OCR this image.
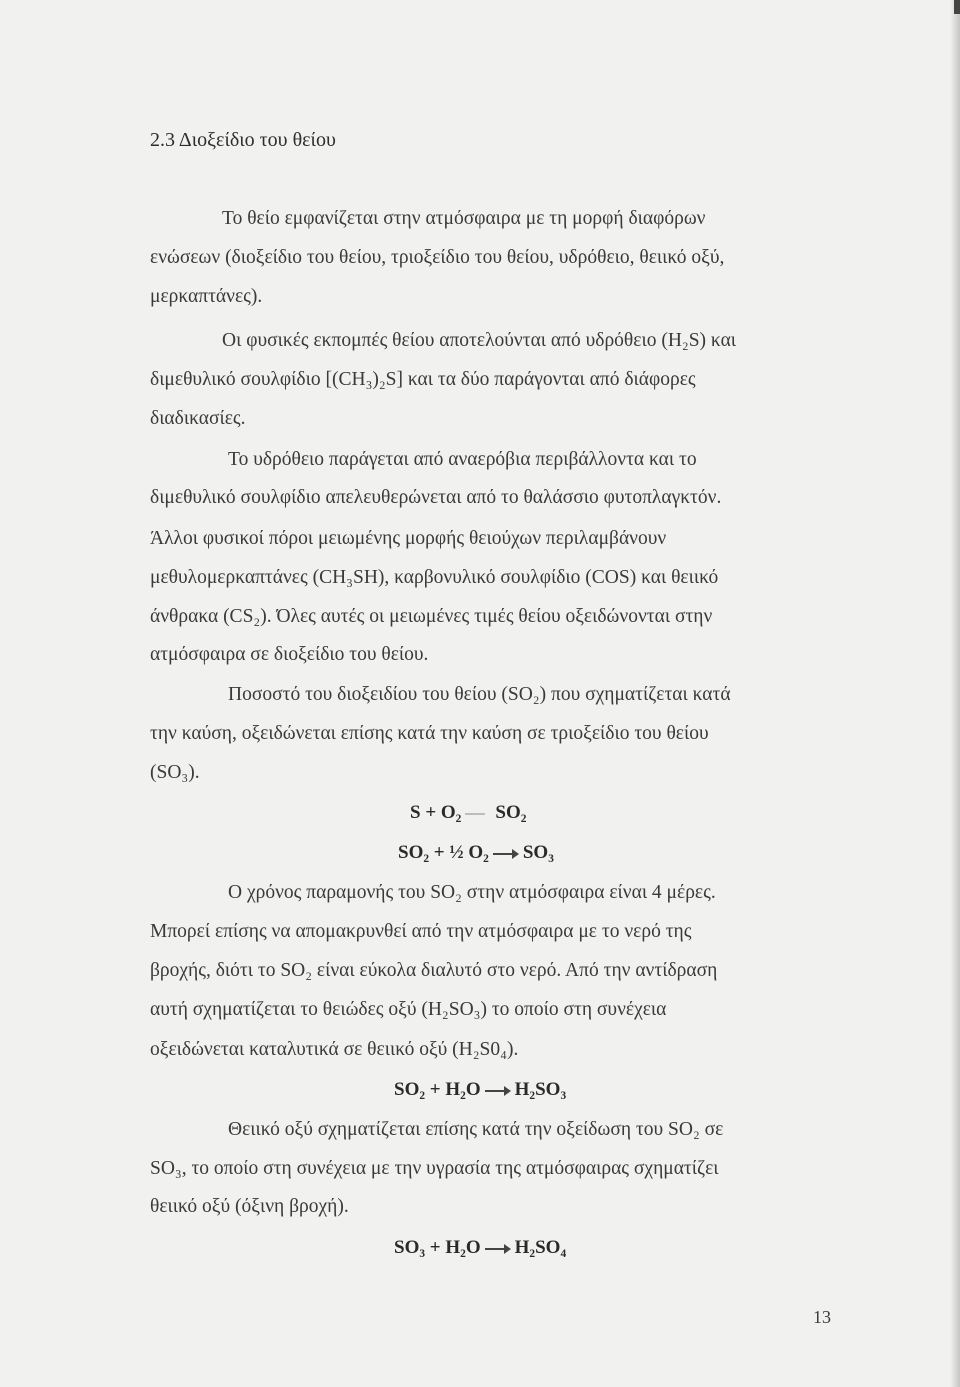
2.3 Διοξείδιο του θείου
Το θείο εμφανίζεται στην ατμόσφαιρα με τη μορφή διαφόρων
ενώσεων (διοξείδιο του θείου, τριοξείδιο του θείου, υδρόθειο, θειικό οξύ,
μερκαπτάνες).
Οι φυσικές εκπομπές θείου αποτελούνται από υδρόθειο (H₂S) και
διμεθυλικό σουλφίδιο [(CH₃)₂S] και τα δύο παράγονται από διάφορες
διαδικασίες.
Το υδρόθειο παράγεται από αναερόβια περιβάλλοντα και το
διμεθυλικό σουλφίδιο απελευθερώνεται από το θαλάσσιο φυτοπλαγκτόν.
Άλλοι φυσικοί πόροι μειωμένης μορφής θειούχων περιλαμβάνουν
μεθυλομερκαπτάνες (CH₃SH), καρβονυλικό σουλφίδιο (COS) και θειικό
άνθρακα (CS₂). Όλες αυτές οι μειωμένες τιμές θείου οξειδώνονται στην
ατμόσφαιρα σε διοξείδιο του θείου.
Ποσοστό του διοξειδίου του θείου (SO₂) που σχηματίζεται κατά
την καύση, οξειδώνεται επίσης κατά την καύση σε τριοξείδιο του θείου
(SO₃).
S + O₂ SO₂
SO₂ + ½ O₂ SO₃
Ο χρόνος παραμονής του SO₂ στην ατμόσφαιρα είναι 4 μέρες.
Μπορεί επίσης να απομακρυνθεί από την ατμόσφαιρα με το νερό της
βροχής, διότι το SO₂ είναι εύκολα διαλυτό στο νερό. Από την αντίδραση
αυτή σχηματίζεται το θειώδες οξύ (H₂SO₃) το οποίο στη συνέχεια
οξειδώνεται καταλυτικά σε θειικό οξύ (H₂S0₄).
SO₂ + H₂O H₂SO₃
Θειικό οξύ σχηματίζεται επίσης κατά την οξείδωση του SO₂ σε
SO₃, το οποίο στη συνέχεια με την υγρασία της ατμόσφαιρας σχηματίζει
θειικό οξύ (όξινη βροχή).
SO₃ + H₂O H₂SO₄
13
